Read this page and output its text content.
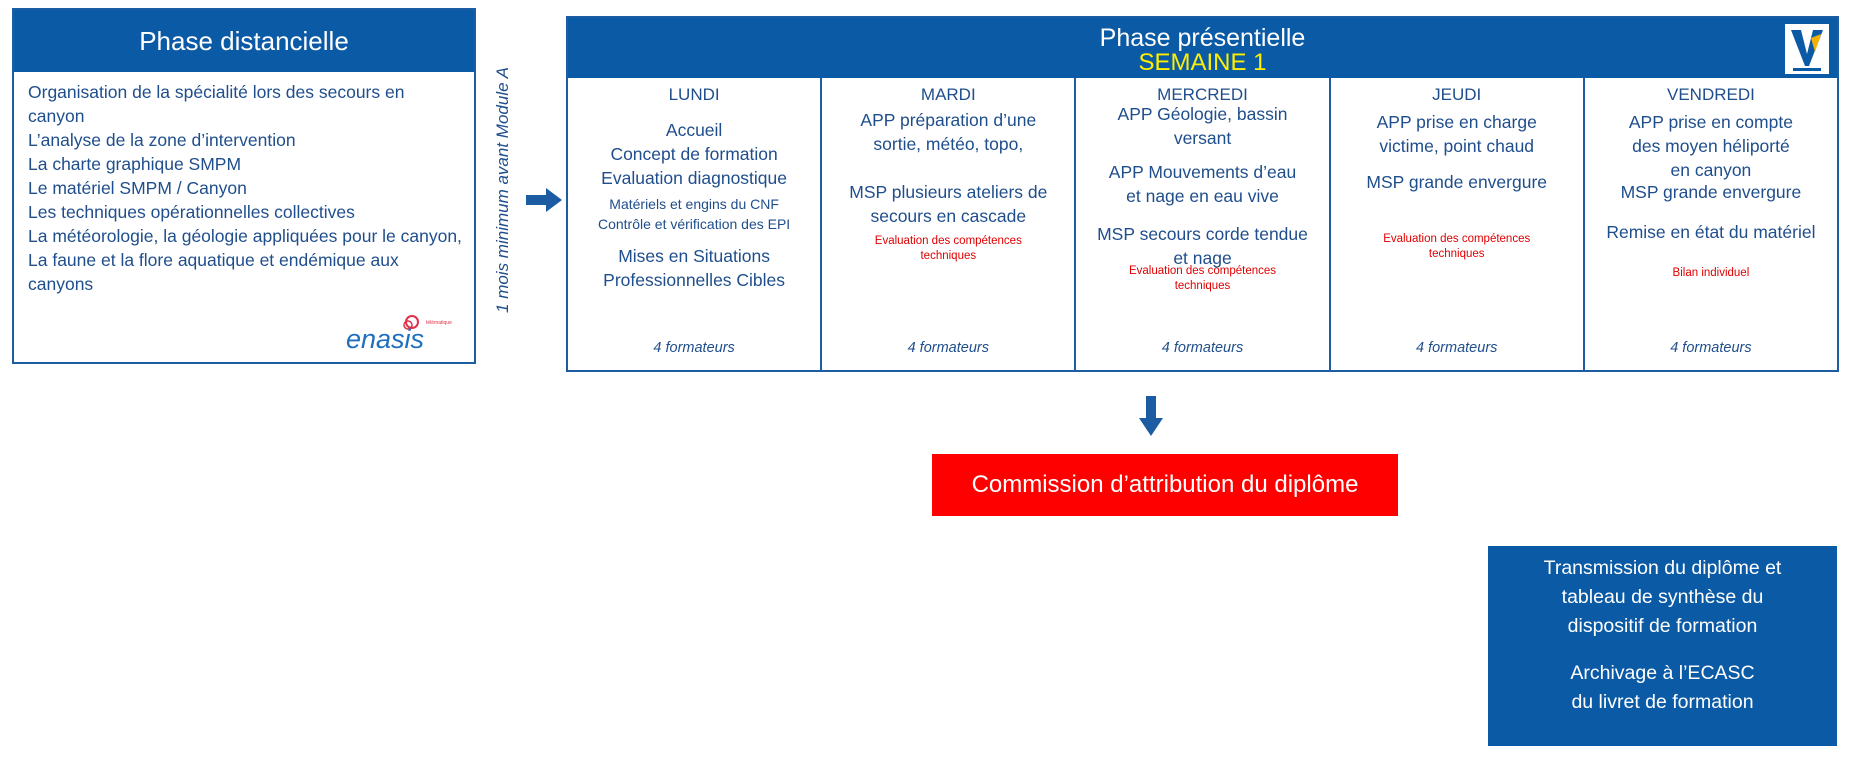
Phase distancielle
Organisation de la spécialité lors des secours en canyon
L’analyse de la zone d’intervention
La charte graphique SMPM
Le matériel SMPM / Canyon
Les techniques opérationnelles collectives
La météorologie, la géologie appliquées pour le canyon,
La faune et la flore aquatique et endémique aux canyons
télématique
enasis
1 mois minimum avant Module A
Phase présentielle
SEMAINE 1
LUNDI
Accueil
Concept de formation
Evaluation diagnostique
Matériels et engins du CNF
Contrôle et vérification des EPI
Mises en Situations
Professionnelles Cibles
4 formateurs
MARDI
APP préparation d’une
sortie, météo, topo,
MSP plusieurs ateliers de
secours en cascade
Evaluation des compétences
techniques
4 formateurs
MERCREDI
APP Géologie, bassin
versant
APP Mouvements d’eau
et nage en eau vive
MSP secours corde tendue
et nage
Evaluation des compétences
techniques
4 formateurs
JEUDI
APP prise en charge
victime, point chaud
MSP grande envergure
Evaluation des compétences
techniques
4 formateurs
VENDREDI
APP prise en compte
des moyen héliporté
en canyon
MSP grande envergure
Remise en état du matériel
Bilan individuel
4 formateurs
Commission d’attribution du diplôme
Transmission du diplôme et
tableau de synthèse du
dispositif de formation
Archivage à l’ECASC
du livret de formation
